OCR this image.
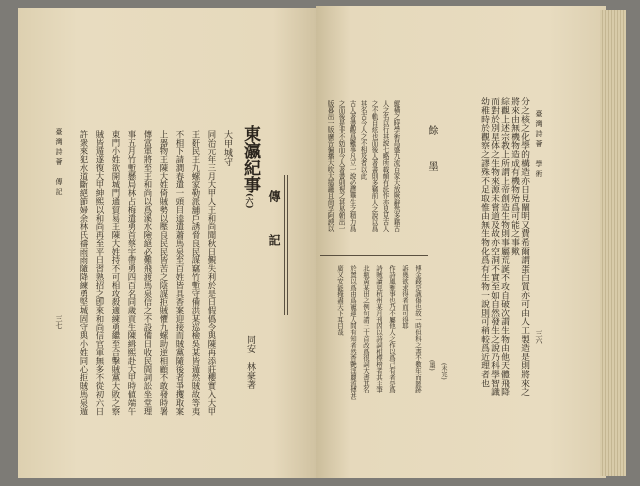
傳　記
東瀛紀事(六)
同安　林豪著
大甲城守
同治元年三月大甲人王和尚聞秋日覲失利於是日假僞令與陳再添莊櫻實入大甲
王姧民王九螺家勒派舖戶誘脅良民謀竊竹塹守備洪某巡檢吳某皆遁然賊故等夷
不相下請澗春遣一頭目逵遣蕭馬泉至百姓皆具香案迎接而賊黨隨後者爭攫取案
上器物王陳大姓倚賊勢以壓良民民皆苦之陰謀拒賊懼九螺助逆相顧不敢發時署
傳富軍將至王和尚以爲溪水險絕必難飛渡馬泉信之不設備日收民間詞訟坐堂理
事五月竹塹懸局林占梅遣勇首蔡宇帶勇四百名同歲貢生陳緝熙赴大甲時値端午
東門小姓欲開城門通貿易王陳大姓持不可相攻殺適練勇繼至合擊賊黨大敗之察
賊皆遁遂復大甲紳熙以和尚再至平日習熟招之卽來和尚信官軍無多不從初六日
許衆來犯水道斷絕節婦余林氏禱雨雨隨降練勇堅城固守與小姓同心拒賊馬泉遁
臺灣詩薈　傳記
三七
臺灣詩薈　學術
三六
分之核之化學的構造亦日見闡明又費希爾謂蛋白質亦可由人工製造是則將來之
將來由無機物造成有機物殆爲可能之事歟
綜觀上述宗教上所謂上帝創造生物則事屬荒誕不攻自破次謂生物由他天體飛降
而對於別星体之生物來源未嘗道及故亦空洞不實至如自然發生之說乃科學智識
幼稚時於觀察之謬殊不足取惟由無生物化爲有生物一說則可稍較爲近理者也
(未完)
餘　墨
縱橫之時學術昌盛九流百家大放厥辭然多藉古
人之名以行其說七略所載頗有託作亦見見古人
之不軌自炫也而後人著書則多竊前人之說以爲
其名古今人之不相及者以此
古人著書觀爲難事凡立一說必瀝畢生之精力爲
之而後是非不妨而今人著書則視之甚易朝出一
版暮出一版廣告徧播大吹大擂識且尙孚阿諛以
博金錢是誠傷也故一時但科之書不數年而匿跡
訴幾欲求得者而可得耶
作詩風雅事也乃不屬他人之作以爲己有者是爲
詩賊讀見杭州某月刊因以詩詞相標榜者其主筆
北瓶黃某田之例句謂三十首改爲很詞大書其名
於置以爲由爲寵蓮人間有知者然香艷淫麗流傳甚
廣又安能掩盡天下耳目哉
(墨)
